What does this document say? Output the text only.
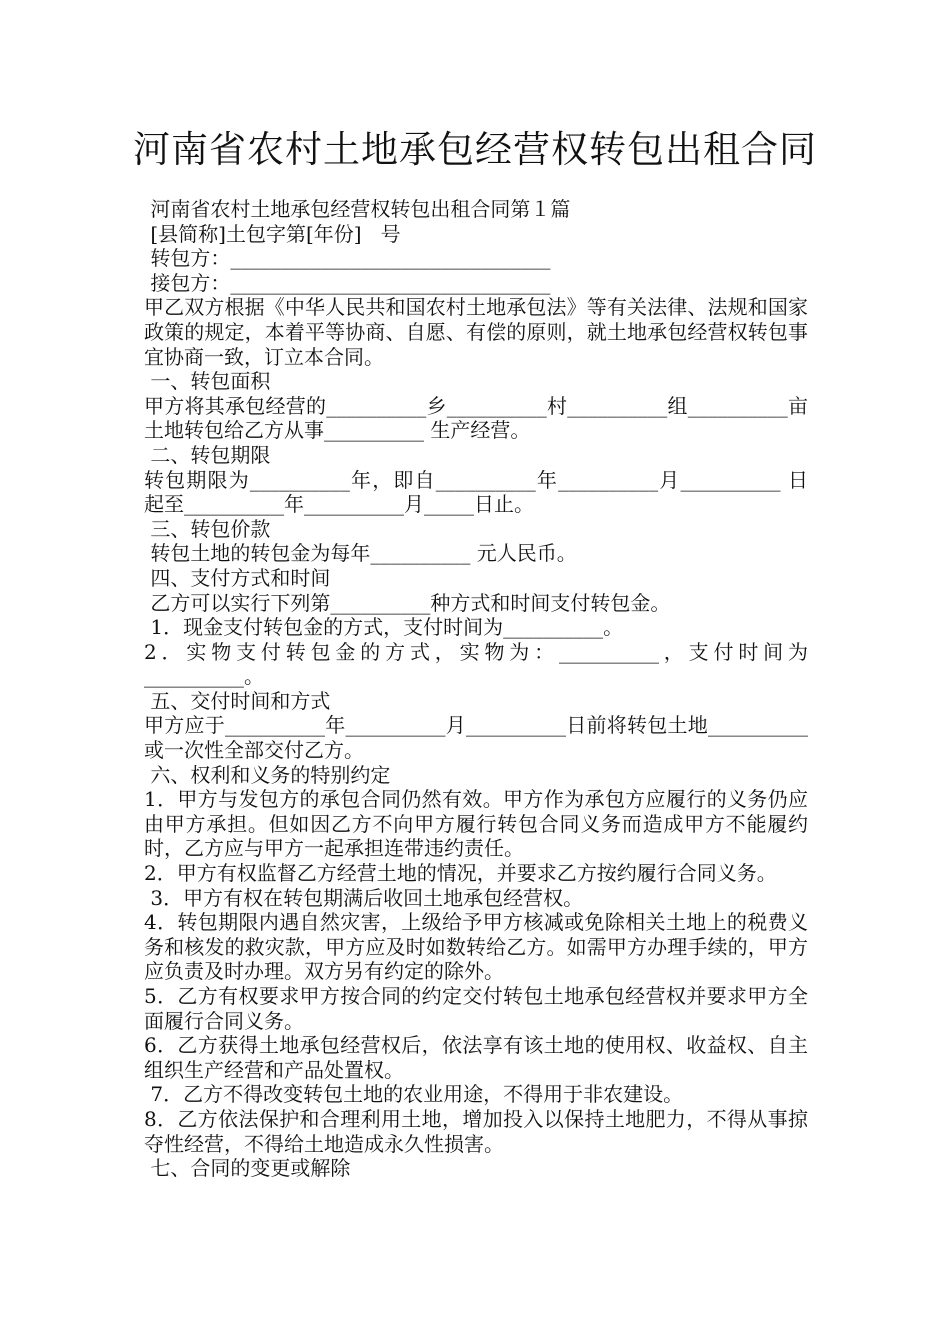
河南省农村土地承包经营权转包出租合同

河南省农村土地承包经营权转包出租合同第１篇

[县简称]土包字第[年份]   号

转包方：________________________________

接包方：________________________________

甲乙双方根据《中华人民共和国农村土地承包法》等有关法律、法规和国家政策的规定，本着平等协商、自愿、有偿的原则，就土地承包经营权转包事宜协商一致，订立本合同。

一、转包面积

甲方将其承包经营的__________乡__________村__________组__________亩土地转包给乙方从事__________ 生产经营。

二、转包期限

转包期限为__________年，即自__________年__________月__________ 日起至__________年__________月_____日止。

三、转包价款

转包土地的转包金为每年__________ 元人民币。

四、支付方式和时间

乙方可以实行下列第__________种方式和时间支付转包金。

1．现金支付转包金的方式，支付时间为__________。

2．实物支付转包金的方式，实物为：__________，支付时间为__________。

五、交付时间和方式

甲方应于__________年__________月__________日前将转包土地__________或一次性全部交付乙方。

六、权利和义务的特别约定

1．甲方与发包方的承包合同仍然有效。甲方作为承包方应履行的义务仍应由甲方承担。但如因乙方不向甲方履行转包合同义务而造成甲方不能履约时，乙方应与甲方一起承担连带违约责任。

2．甲方有权监督乙方经营土地的情况，并要求乙方按约履行合同义务。

3．甲方有权在转包期满后收回土地承包经营权。

4．转包期限内遇自然灾害，上级给予甲方核减或免除相关土地上的税费义务和核发的救灾款，甲方应及时如数转给乙方。如需甲方办理手续的，甲方应负责及时办理。双方另有约定的除外。

5．乙方有权要求甲方按合同的约定交付转包土地承包经营权并要求甲方全面履行合同义务。

6．乙方获得土地承包经营权后，依法享有该土地的使用权、收益权、自主组织生产经营和产品处置权。

7．乙方不得改变转包土地的农业用途，不得用于非农建设。

8．乙方依法保护和合理利用土地，增加投入以保持土地肥力，不得从事掠夺性经营，不得给土地造成永久性损害。

七、合同的变更或解除
